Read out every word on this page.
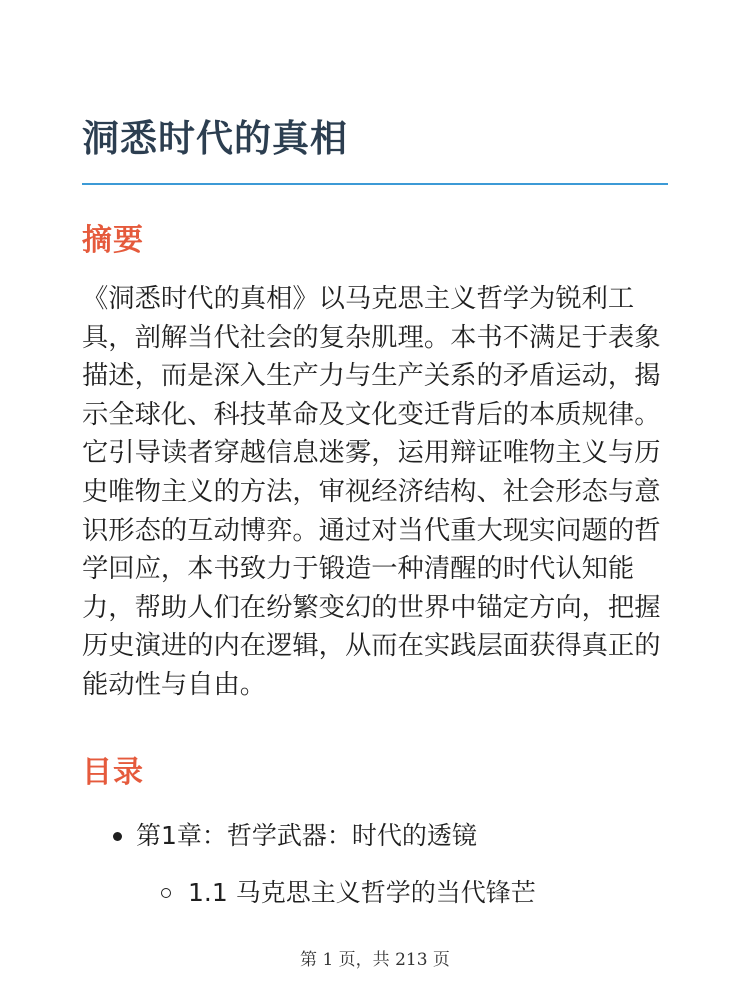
洞悉时代的真相
摘要
《洞悉时代的真相》以马克思主义哲学为锐利工
具，剖解当代社会的复杂肌理。本书不满足于表象
描述，而是深入生产力与生产关系的矛盾运动，揭
示全球化、科技革命及文化变迁背后的本质规律。
它引导读者穿越信息迷雾，运用辩证唯物主义与历
史唯物主义的方法，审视经济结构、社会形态与意
识形态的互动博弈。通过对当代重大现实问题的哲
学回应，本书致力于锻造一种清醒的时代认知能
力，帮助人们在纷繁变幻的世界中锚定方向，把握
历史演进的内在逻辑，从而在实践层面获得真正的
能动性与自由。
目录
第1章：哲学武器：时代的透镜
1.1 马克思主义哲学的当代锋芒
第 1 页，共 213 页
